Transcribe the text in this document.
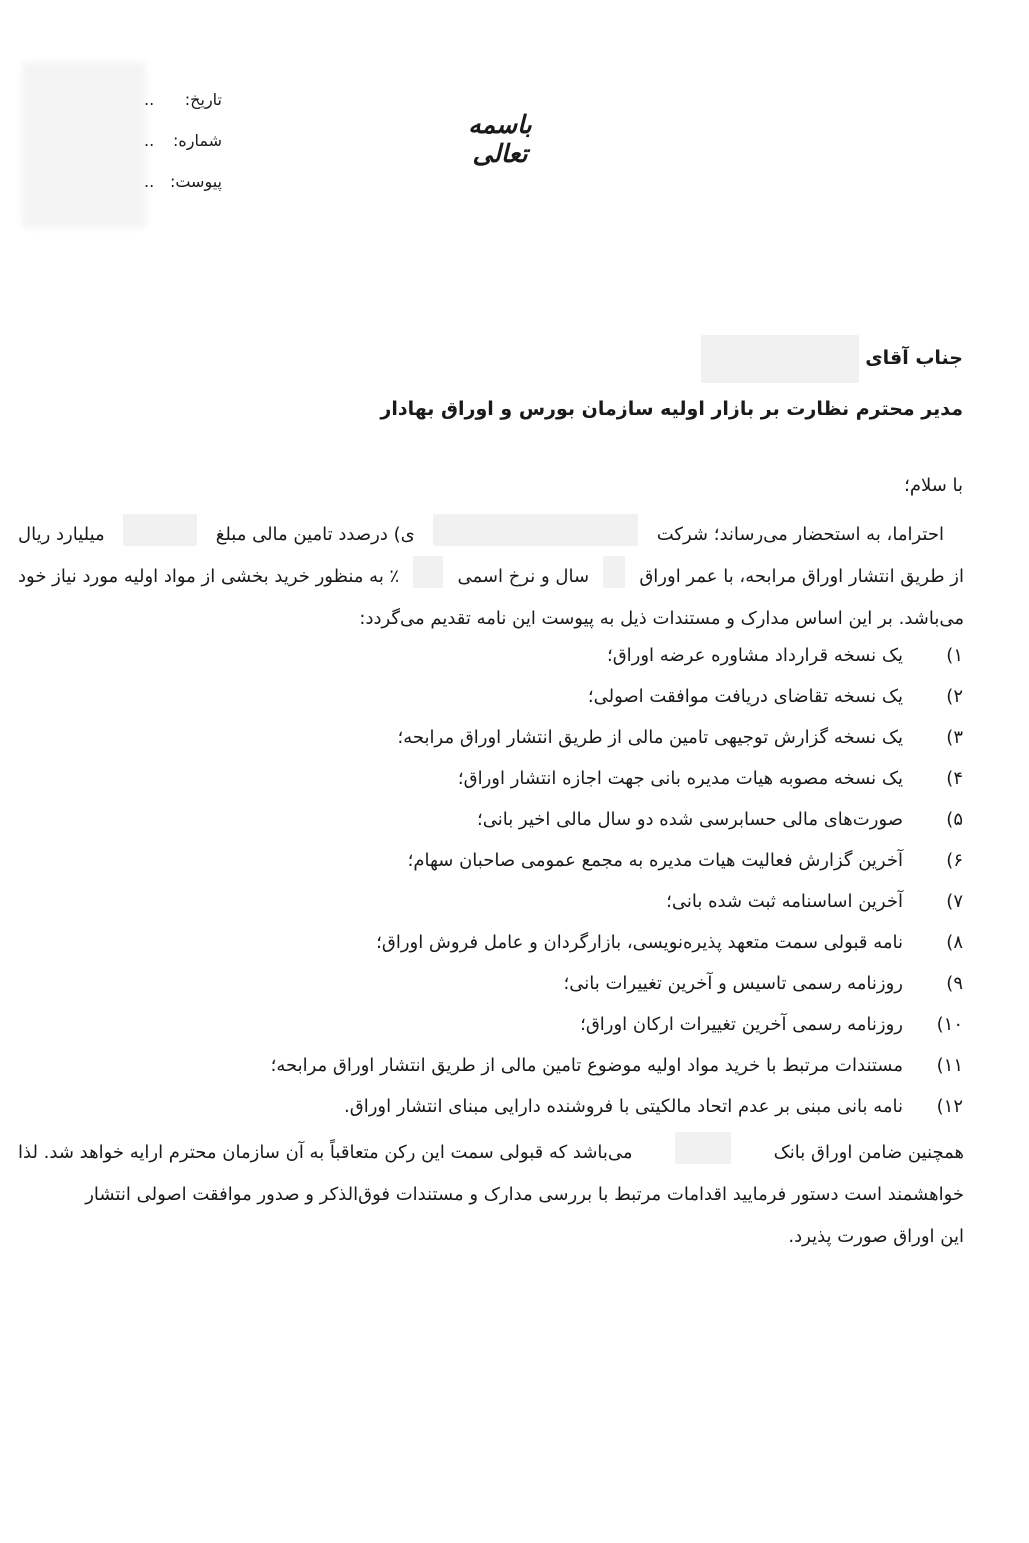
تاریخ:
..
شماره:
..
پیوست:
..
باسمه تعالی
جناب آقای
مدیر محترم نظارت بر بازار اولیه سازمان بورس و اوراق بهادار
با سلام؛
احتراما، به استحضار می‌رساند؛ شرکت
ی) درصدد تامین مالی مبلغ
میلیارد ریال
از طریق انتشار اوراق مرابحه، با عمر اوراق
سال و نرخ اسمی
٪ به منظور خرید بخشی از مواد اولیه مورد نیاز خود
می‌باشد. بر این اساس مدارک و مستندات ذیل به پیوست این نامه تقدیم می‌گردد:
۱)یک نسخه قرارداد مشاوره عرضه اوراق؛
۲)یک نسخه تقاضای دریافت موافقت اصولی؛
۳)یک نسخه گزارش توجیهی تامین مالی از طریق انتشار اوراق مرابحه؛
۴)یک نسخه مصوبه هیات مدیره بانی جهت اجازه انتشار اوراق؛
۵)صورت‌های مالی حسابرسی شده دو سال مالی اخیر بانی؛
۶)آخرین گزارش فعالیت هیات مدیره به مجمع عمومی صاحبان سهام؛
۷)آخرین اساسنامه ثبت شده بانی؛
۸)نامه قبولی سمت متعهد پذیره‌نویسی، بازارگردان و عامل فروش اوراق؛
۹)روزنامه رسمی تاسیس و آخرین تغییرات بانی؛
۱۰)روزنامه رسمی آخرین تغییرات ارکان اوراق؛
۱۱)مستندات مرتبط با خرید مواد اولیه موضوع تامین مالی از طریق انتشار اوراق مرابحه؛
۱۲)نامه بانی مبنی بر عدم اتحاد مالکیتی با فروشنده دارایی مبنای انتشار اوراق.
همچنین ضامن اوراق بانک
می‌باشد که قبولی سمت این رکن متعاقباً به آن سازمان محترم ارایه خواهد شد. لذا
خواهشمند است دستور فرمایید اقدامات مرتبط با بررسی مدارک و مستندات فوق‌الذکر و صدور موافقت اصولی انتشار
این اوراق صورت پذیرد.
